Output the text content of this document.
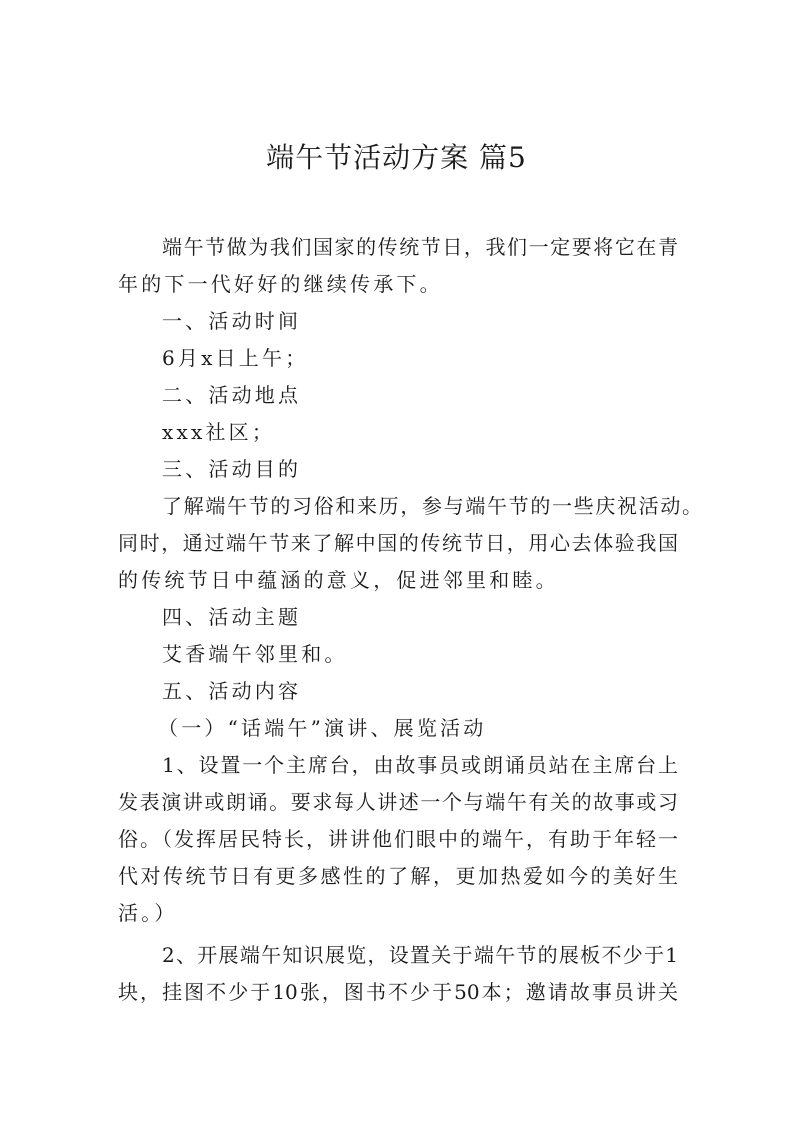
端午节活动方案 篇5
端午节做为我们国家的传统节日，我们一定要将它在青
年的下一代好好的继续传承下。
一、活动时间
6月x日上午；
二、活动地点
xxx社区；
三、活动目的
了解端午节的习俗和来历，参与端午节的一些庆祝活动。
同时，通过端午节来了解中国的传统节日，用心去体验我国
的传统节日中蕴涵的意义，促进邻里和睦。
四、活动主题
艾香端午邻里和。
五、活动内容
（一）“话端午”演讲、展览活动
1、设置一个主席台，由故事员或朗诵员站在主席台上
发表演讲或朗诵。要求每人讲述一个与端午有关的故事或习
俗。（发挥居民特长，讲讲他们眼中的端午，有助于年轻一
代对传统节日有更多感性的了解，更加热爱如今的美好生
活。）
2、开展端午知识展览，设置关于端午节的展板不少于1
块，挂图不少于10张，图书不少于50本；邀请故事员讲关
